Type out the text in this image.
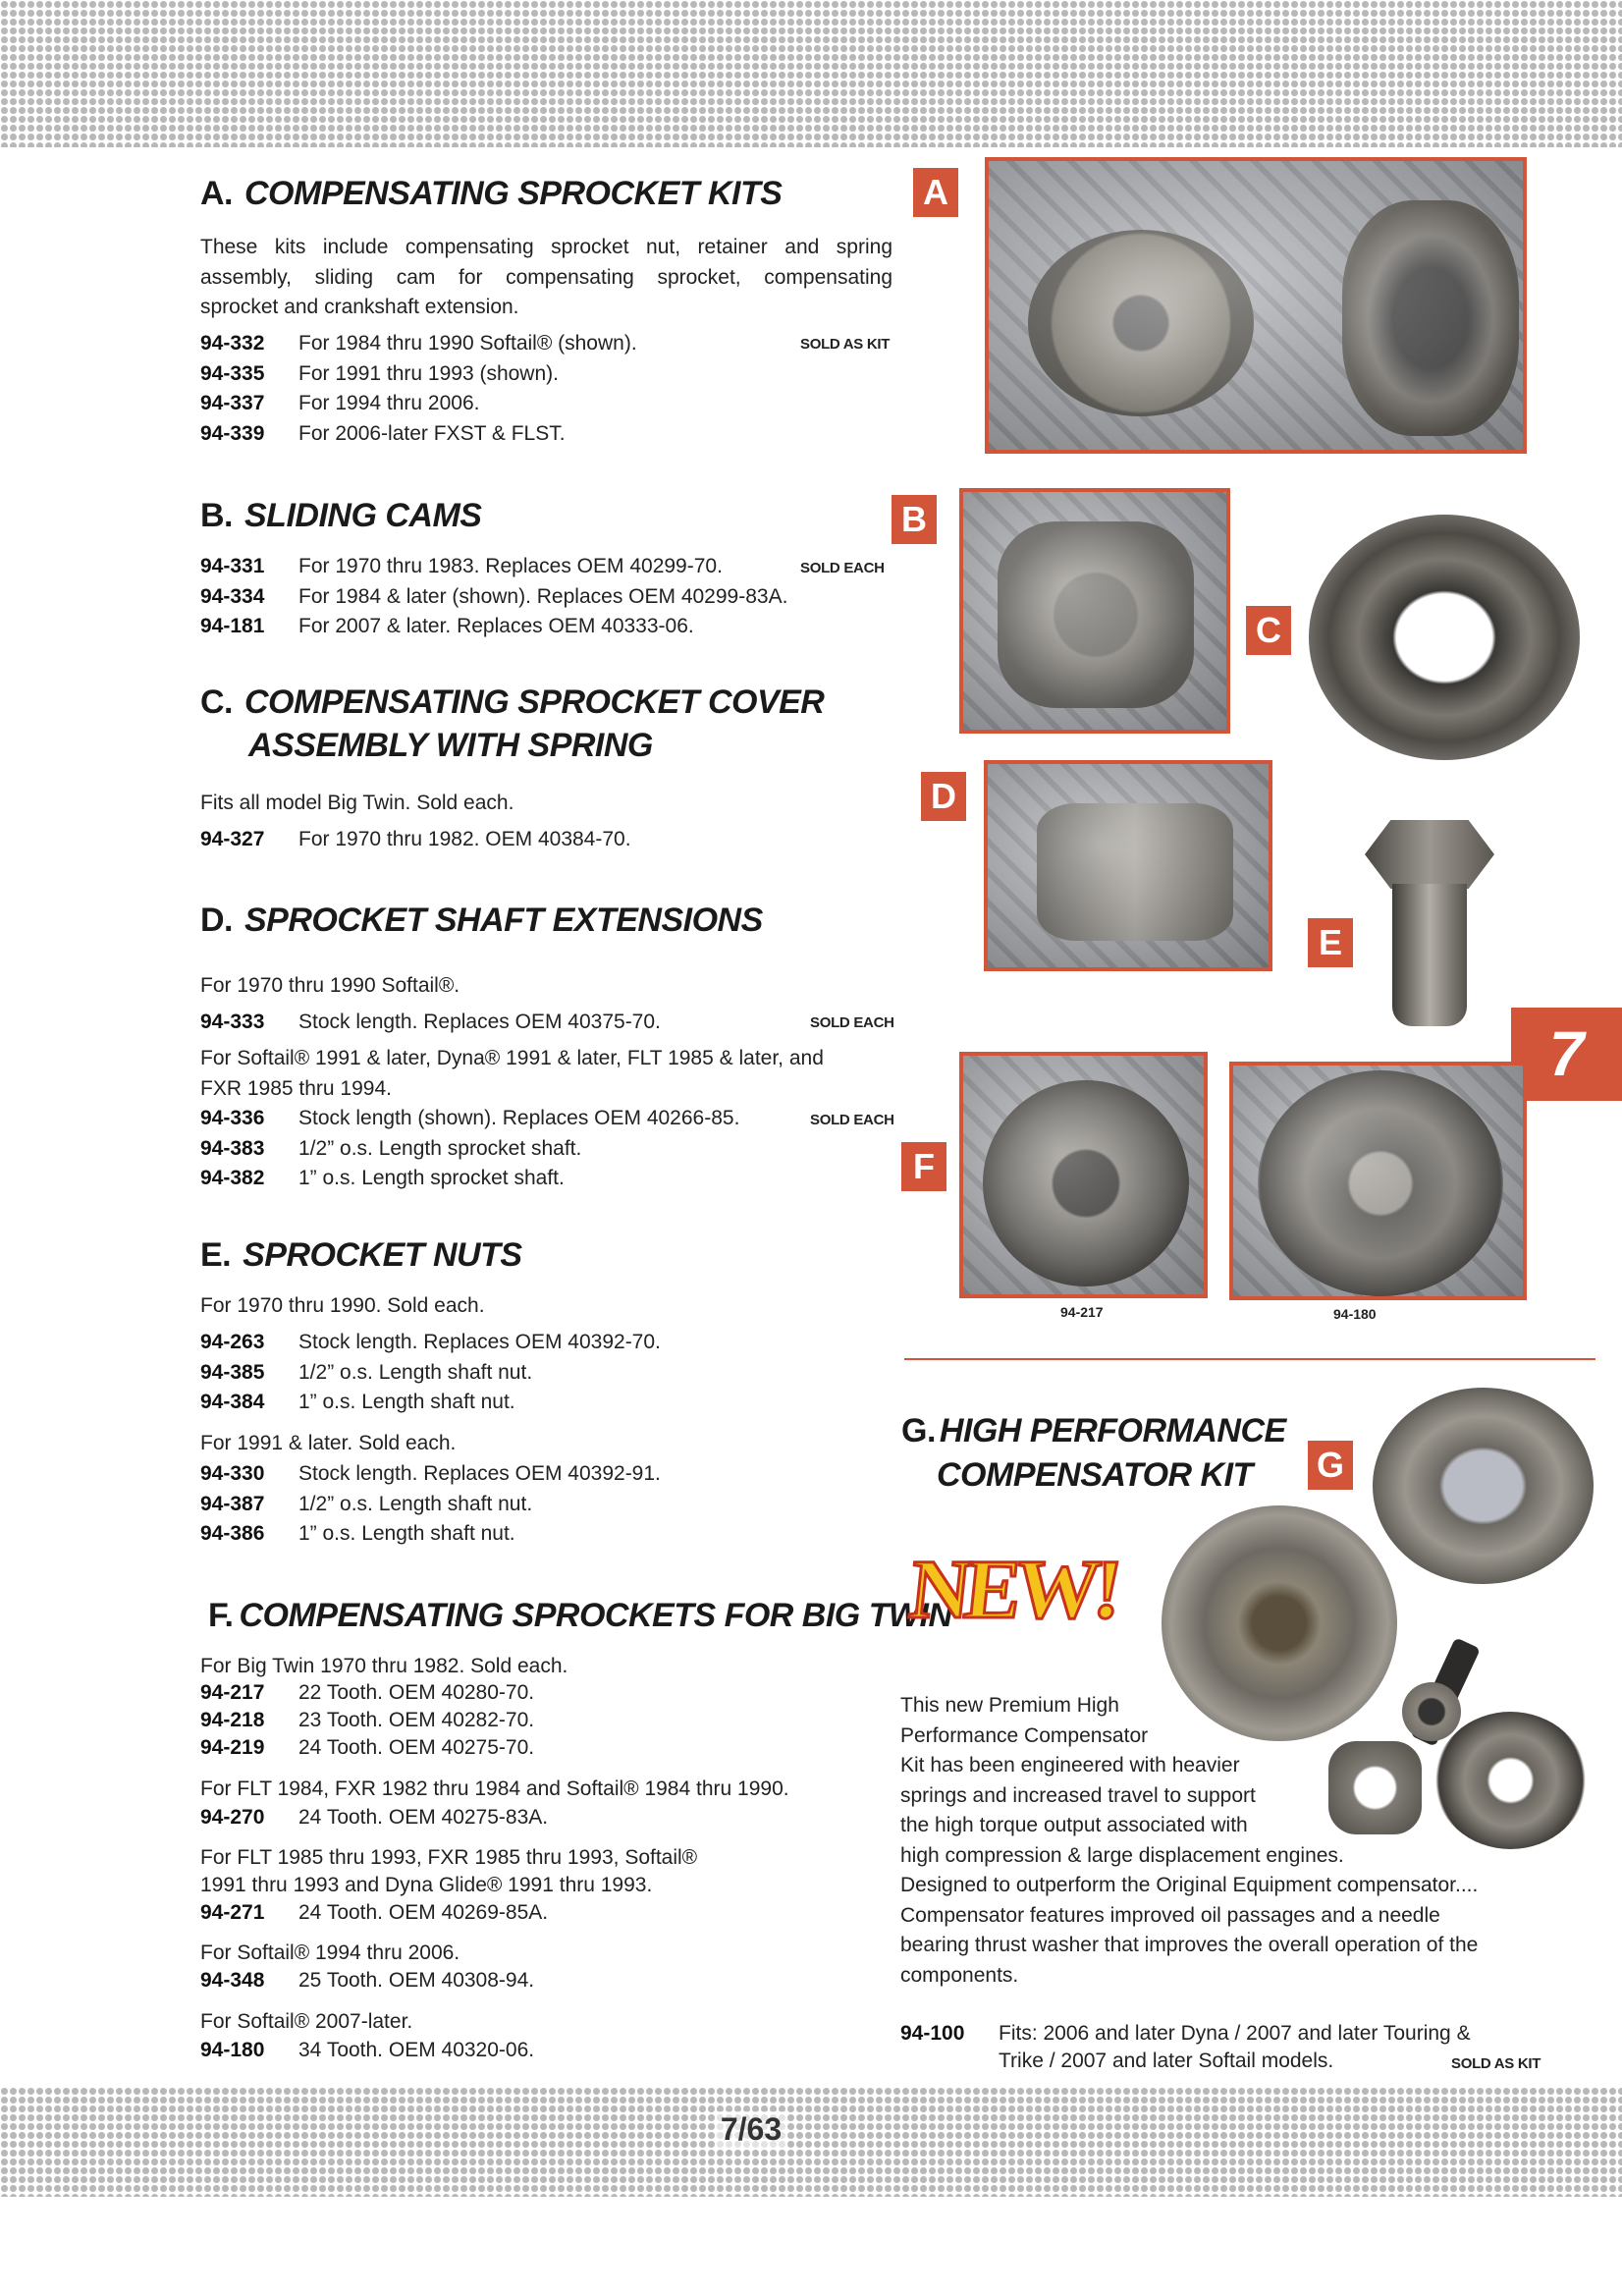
A. COMPENSATING SPROCKET KITS
These kits include compensating sprocket nut, retainer and spring
assembly, sliding cam for compensating sprocket, compensating
sprocket and crankshaft extension.
SOLD AS KIT
94-332	For 1984 thru 1990 Softail® (shown).
94-335	For 1991 thru 1993 (shown).
94-337	For 1994 thru 2006.
94-339	For 2006-later FXST & FLST.
B. SLIDING CAMS
SOLD EACH
94-331	For 1970 thru 1983. Replaces OEM 40299-70.
94-334	For 1984 & later (shown). Replaces OEM 40299-83A.
94-181	For 2007 & later. Replaces OEM 40333-06.
C. COMPENSATING SPROCKET COVER
ASSEMBLY WITH SPRING
Fits all model Big Twin. Sold each.
94-327	For 1970 thru 1982. OEM 40384-70.
D. SPROCKET SHAFT EXTENSIONS
For 1970 thru 1990 Softail®.
SOLD EACH
94-333	Stock length. Replaces OEM 40375-70.
For Softail® 1991 & later, Dyna® 1991 & later, FLT 1985 & later, and
FXR 1985 thru 1994.
SOLD EACH
94-336	Stock length (shown). Replaces OEM 40266-85.
94-383	1/2” o.s. Length sprocket shaft.
94-382	1” o.s. Length sprocket shaft.
E. SPROCKET NUTS
For 1970 thru 1990. Sold each.
94-263	Stock length. Replaces OEM 40392-70.
94-385	1/2” o.s. Length shaft nut.
94-384	1” o.s. Length shaft nut.
For 1991 & later. Sold each.
94-330	Stock length. Replaces OEM 40392-91.
94-387	1/2” o.s. Length shaft nut.
94-386	1” o.s. Length shaft nut.
F. COMPENSATING SPROCKETS FOR BIG TWIN
For Big Twin 1970 thru 1982. Sold each.
94-217	22 Tooth. OEM 40280-70.
94-218	23 Tooth. OEM 40282-70.
94-219	24 Tooth. OEM 40275-70.
For FLT 1984, FXR 1982 thru 1984 and Softail® 1984 thru 1990.
94-270	24 Tooth. OEM 40275-83A.
For FLT 1985 thru 1993, FXR 1985 thru 1993, Softail®
1991 thru 1993 and Dyna Glide® 1991 thru 1993.
94-271	24 Tooth. OEM 40269-85A.
For Softail® 1994 thru 2006.
94-348	25 Tooth. OEM 40308-94.
For Softail® 2007-later.
94-180	34 Tooth. OEM 40320-06.
A
B
C
D
E
7
F
94-217	94-180
G. HIGH PERFORMANCE
COMPENSATOR KIT G
NEW!
This new Premium High
Performance Compensator
Kit has been engineered with heavier
springs and increased travel to support
the high torque output associated with
high compression & large displacement engines.
Designed to outperform the Original Equipment compensator....
Compensator features improved oil passages and a needle
bearing thrust washer that improves the overall operation of the
components.
94-100	Fits: 2006 and later Dyna / 2007 and later Touring &
Trike / 2007 and later Softail models.	SOLD AS KIT
7/63
